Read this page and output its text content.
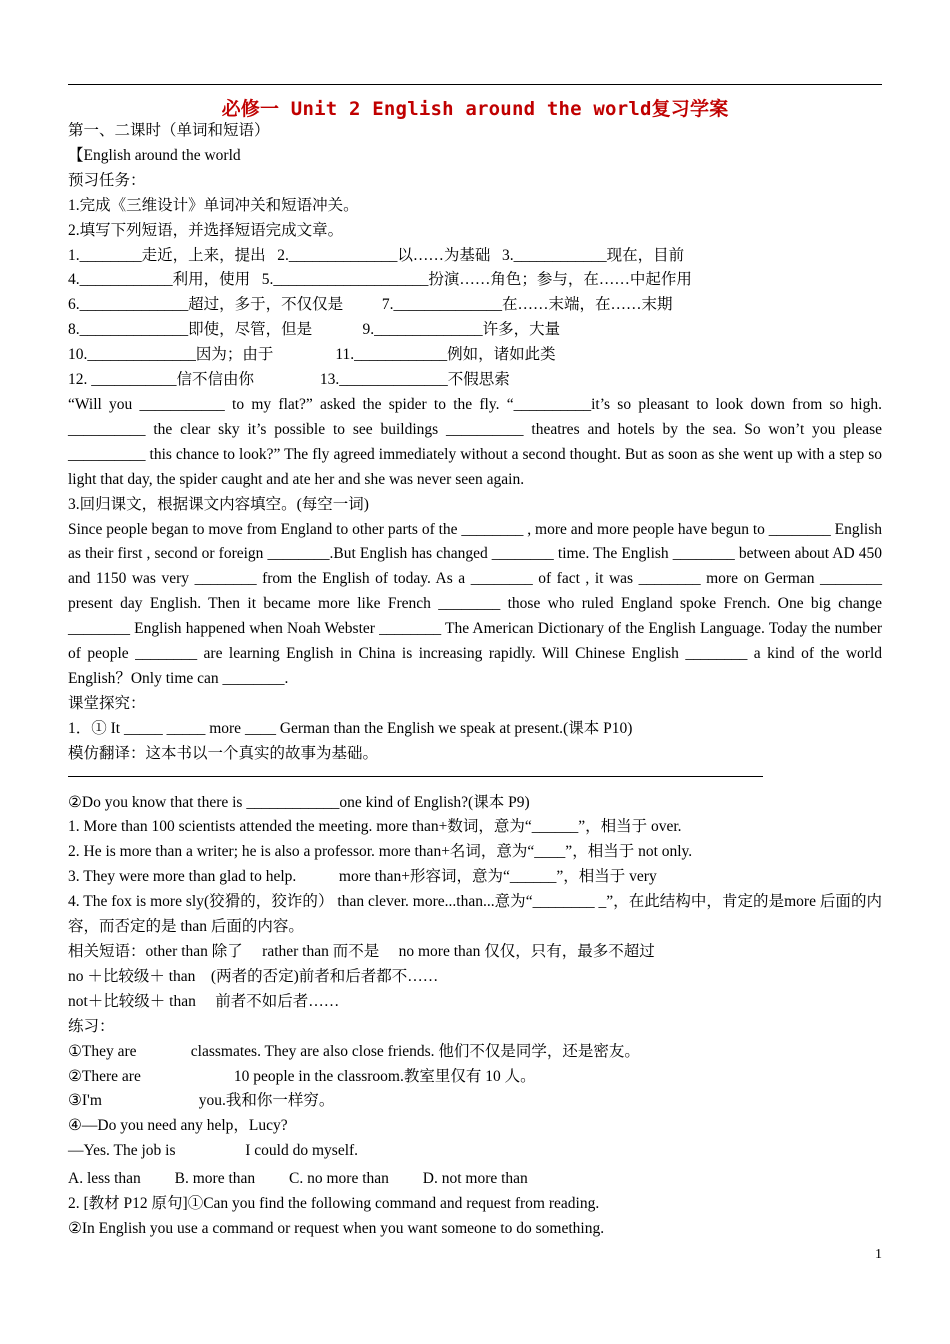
必修一 Unit 2 English around the world复习学案

第一、二课时（单词和短语）

【English around the world

预习任务：

1.完成《三维设计》单词冲关和短语冲关。

2.填写下列短语，并选择短语完成文章。

1.________走近，上来，提出   2.______________以……为基础   3.____________现在，目前

4.____________利用，使用   5.____________________扮演……角色；参与，在……中起作用

6.______________超过，多于，不仅仅是          7.______________在……末端，在……末期

8.______________即使，尽管，但是             9.______________许多，大量

10.______________因为；由于                11.____________例如，诸如此类

12. ___________信不信由你                 13.______________不假思索

“Will you ___________ to my flat?” asked the spider to the fly. “__________it’s so pleasant to look down from so high. __________ the clear sky it’s possible to see buildings __________ theatres and hotels by the sea. So won’t you please __________ this chance to look?” The fly agreed immediately without a second thought. But as soon as she went up with a step so light that day, the spider caught and ate her and she was never seen again.

3.回归课文，根据课文内容填空。(每空一词)

Since people began to move from England to other parts of the ________ , more and more people have begun to ________ English as their first , second or foreign ________.But English has changed ________ time. The English ________ between about AD 450 and 1150 was very ________ from the English of today. As a ________ of fact , it was ________ more on German ________ present day English. Then it became more like French ________ those who ruled England spoke French. One big change ________ English happened when Noah Webster ________ The American Dictionary of the English Language. Today the number of people ________ are learning English in China is increasing rapidly. Will Chinese English ________ a kind of the world English？Only time can ________.

课堂探究：

1．① It _____ _____ more ____ German than the English we speak at present.(课本 P10)

模仿翻译：这本书以一个真实的故事为基础。

②Do you know that there is ____________one kind of English?(课本 P9)

1. More than 100 scientists attended the meeting. more than+数词，意为“______”，相当于 over.

2. He is more than a writer; he is also a professor. more than+名词，意为“____”，相当于 not only.

3. They were more than glad to help.           more than+形容词，意为“______”，相当于 very

4. The fox is more sly(狡猾的，狡诈的） than clever. more...than...意为“________ _”，在此结构中，肯定的是more 后面的内容，而否定的是 than 后面的内容。

相关短语：other than 除了     rather than 而不是     no more than 仅仅，只有，最多不超过

no ＋比较级＋ than    (两者的否定)前者和后者都不……

not＋比较级＋ than     前者不如后者……

练习：

①They are              classmates. They are also close friends. 他们不仅是同学，还是密友。

②There are                        10 people in the classroom.教室里仅有 10 人。

③I'm                         you.我和你一样穷。

④—Do you need any help，Lucy?

—Yes. The job is                  I could do myself.

A. less than B. more than C. no more than D. not more than

2. [教材 P12 原句]①Can you find the following command and request from reading.

②In English you use a command or request when you want someone to do something.

1
